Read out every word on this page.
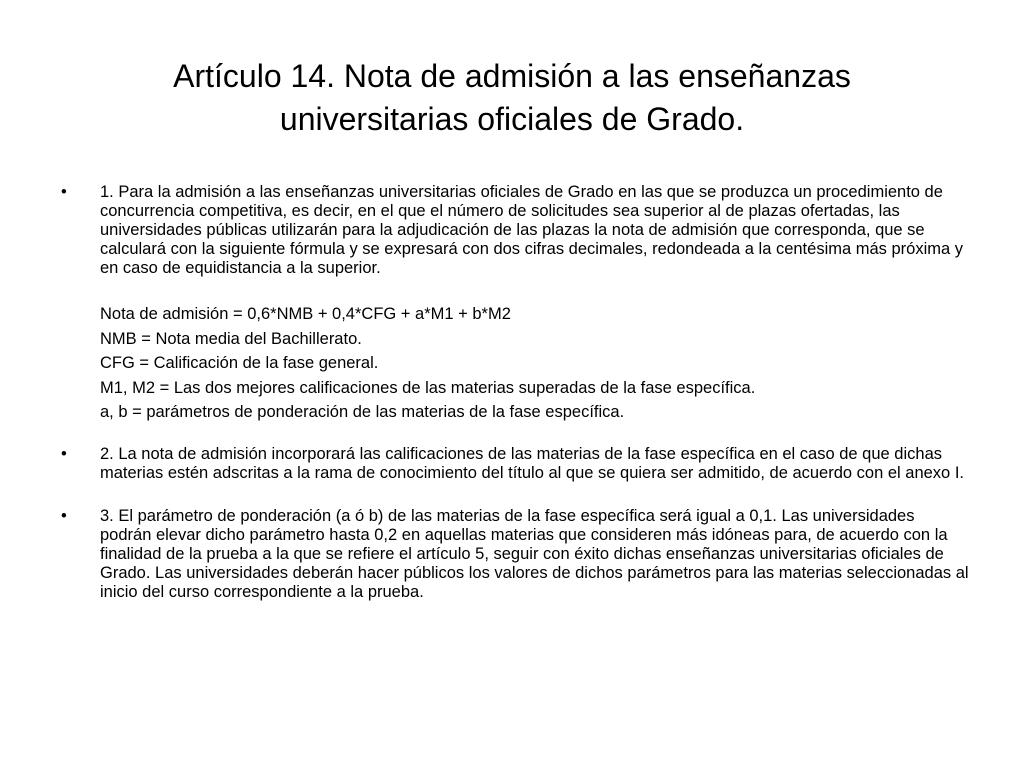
Artículo 14. Nota de admisión a las enseñanzas
universitarias oficiales de Grado.
•	1. Para la admisión a las enseñanzas universitarias oficiales de Grado en las que se produzca un procedimiento de concurrencia competitiva, es decir, en el que el número de solicitudes sea superior al de plazas ofertadas, las universidades públicas utilizarán para la adjudicación de las plazas la nota de admisión que corresponda, que se calculará con la siguiente fórmula y se expresará con dos cifras decimales, redondeada a la centésima más próxima y en caso de equidistancia a la superior.

Nota de admisión = 0,6*NMB + 0,4*CFG + a*M1 + b*M2
NMB = Nota media del Bachillerato.
CFG = Calificación de la fase general.
M1, M2 = Las dos mejores calificaciones de las materias superadas de la fase específica.
a, b = parámetros de ponderación de las materias de la fase específica.
•	2. La nota de admisión incorporará las calificaciones de las materias de la fase específica en el caso de que dichas materias estén adscritas a la rama de conocimiento del título al que se quiera ser admitido, de acuerdo con el anexo I.

•	3. El parámetro de ponderación (a ó b) de las materias de la fase específica será igual a 0,1. Las universidades podrán elevar dicho parámetro hasta 0,2 en aquellas materias que consideren más idóneas para, de acuerdo con la finalidad de la prueba a la que se refiere el artículo 5, seguir con éxito dichas enseñanzas universitarias oficiales de Grado. Las universidades deberán hacer públicos los valores de dichos parámetros para las materias seleccionadas al inicio del curso correspondiente a la prueba.
